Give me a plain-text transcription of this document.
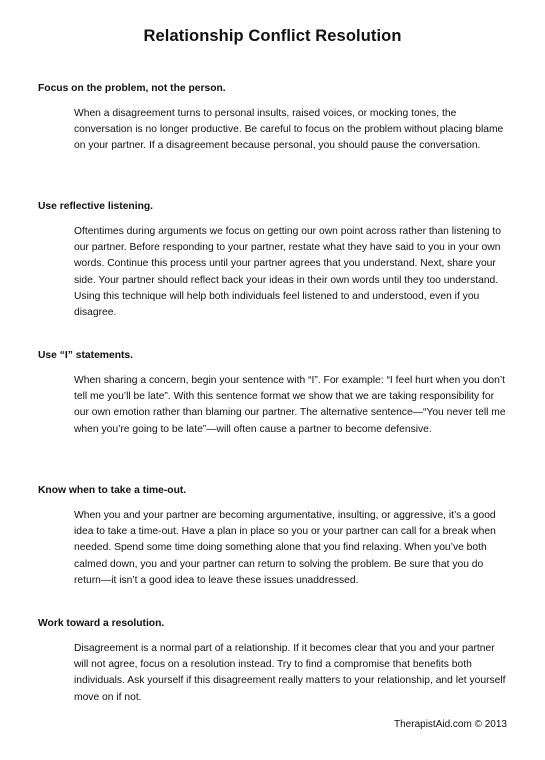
Relationship Conflict Resolution

Focus on the problem, not the person.

When a disagreement turns to personal insults, raised voices, or mocking tones, the conversation is no longer productive. Be careful to focus on the problem without placing blame on your partner. If a disagreement because personal, you should pause the conversation.

Use reflective listening.

Oftentimes during arguments we focus on getting our own point across rather than listening to our partner. Before responding to your partner, restate what they have said to you in your own words. Continue this process until your partner agrees that you understand. Next, share your side. Your partner should reflect back your ideas in their own words until they too understand. Using this technique will help both individuals feel listened to and understood, even if you disagree.

Use “I” statements.

When sharing a concern, begin your sentence with “I”. For example: “I feel hurt when you don’t tell me you’ll be late”. With this sentence format we show that we are taking responsibility for our own emotion rather than blaming our partner. The alternative sentence—“You never tell me when you’re going to be late”—will often cause a partner to become defensive.

Know when to take a time-out.

When you and your partner are becoming argumentative, insulting, or aggressive, it’s a good idea to take a time-out. Have a plan in place so you or your partner can call for a break when needed. Spend some time doing something alone that you find relaxing. When you’ve both calmed down, you and your partner can return to solving the problem. Be sure that you do return—it isn’t a good idea to leave these issues unaddressed.

Work toward a resolution.

Disagreement is a normal part of a relationship. If it becomes clear that you and your partner will not agree, focus on a resolution instead. Try to find a compromise that benefits both individuals. Ask yourself if this disagreement really matters to your relationship, and let yourself move on if not.

TherapistAid.com © 2013
